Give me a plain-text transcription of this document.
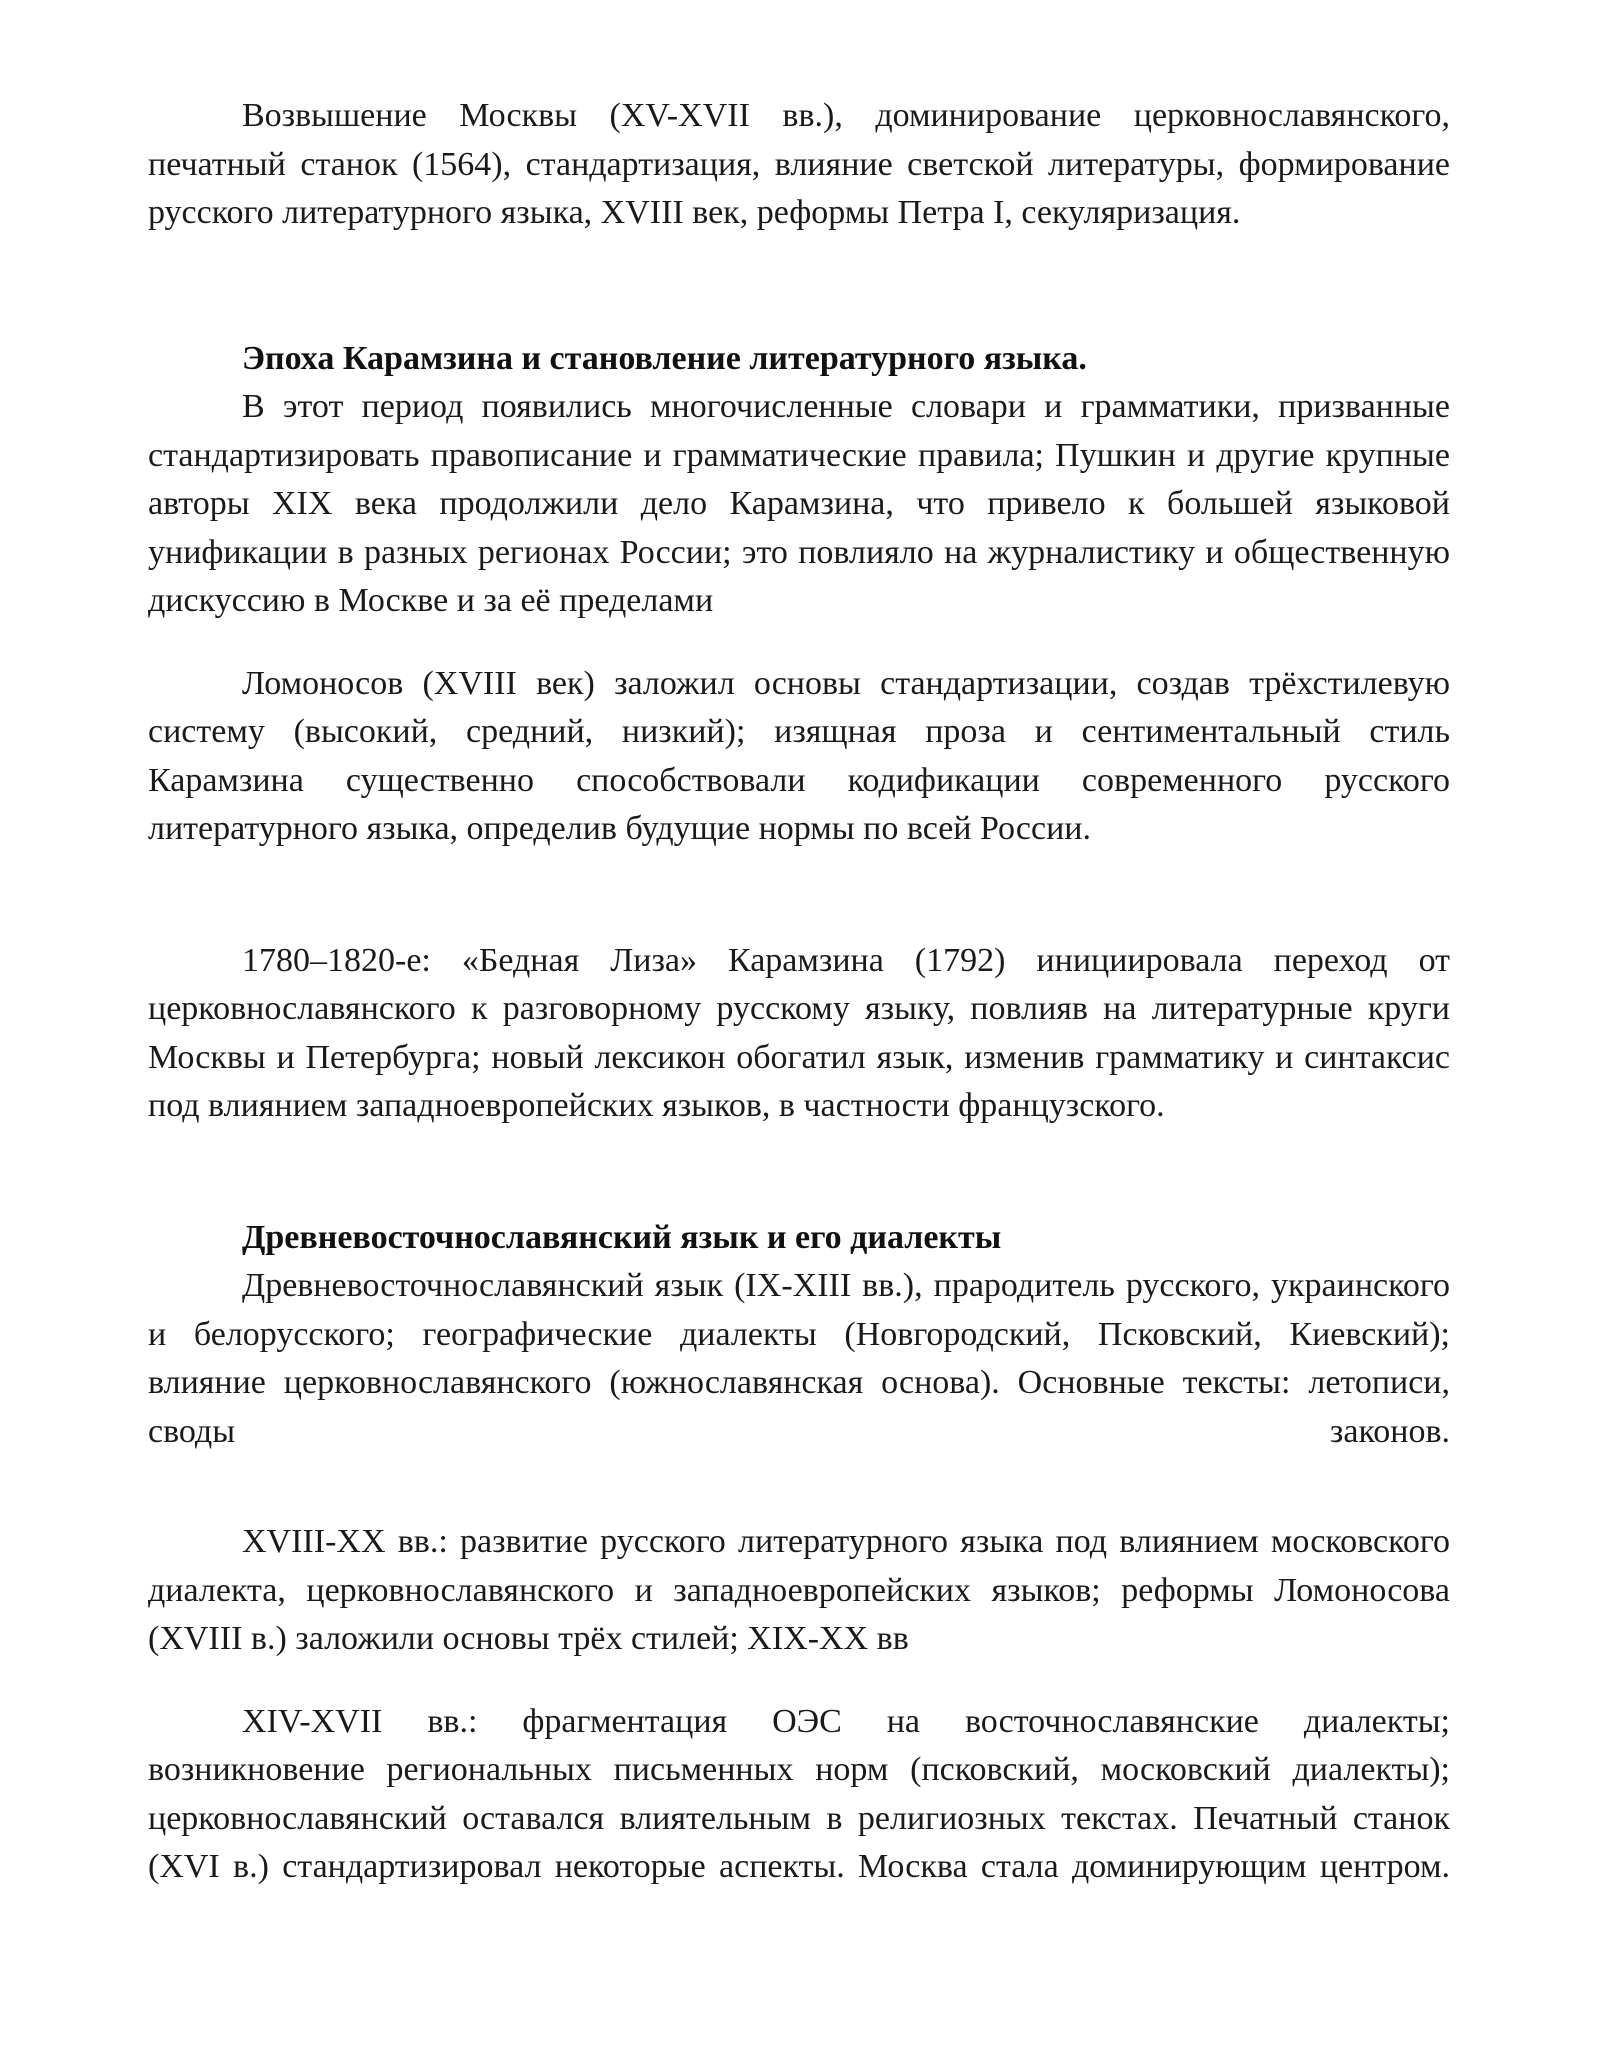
Возвышение Москвы (XV-XVII вв.), доминирование церковнославянского, печатный станок (1564), стандартизация, влияние светской литературы, формирование русского литературного языка, XVIII век, реформы Петра I, секуляризация.

Эпоха Карамзина и становление литературного языка.

В этот период появились многочисленные словари и грамматики, призванные стандартизировать правописание и грамматические правила; Пушкин и другие крупные авторы XIX века продолжили дело Карамзина, что привело к большей языковой унификации в разных регионах России; это повлияло на журналистику и общественную дискуссию в Москве и за её пределами

Ломоносов (XVIII век) заложил основы стандартизации, создав трёхстилевую систему (высокий, средний, низкий); изящная проза и сентиментальный стиль Карамзина существенно способствовали кодификации современного русского литературного языка, определив будущие нормы по всей России.

1780–1820-е: «Бедная Лиза» Карамзина (1792) инициировала переход от церковнославянского к разговорному русскому языку, повлияв на литературные круги Москвы и Петербурга; новый лексикон обогатил язык, изменив грамматику и синтаксис под влиянием западноевропейских языков, в частности французского.

Древневосточнославянский язык и его диалекты

Древневосточнославянский язык (IX-XIII вв.), прародитель русского, украинского и белорусского; географические диалекты (Новгородский, Псковский, Киевский); влияние церковнославянского (южнославянская основа). Основные тексты: летописи, своды законов.

XVIII-XX вв.: развитие русского литературного языка под влиянием московского диалекта, церковнославянского и западноевропейских языков; реформы Ломоносова (XVIII в.) заложили основы трёх стилей; XIX-XX вв

XIV-XVII вв.: фрагментация ОЭС на восточнославянские диалекты; возникновение региональных письменных норм (псковский, московский диалекты); церковнославянский оставался влиятельным в религиозных текстах. Печатный станок (XVI в.) стандартизировал некоторые аспекты. Москва стала доминирующим центром.
